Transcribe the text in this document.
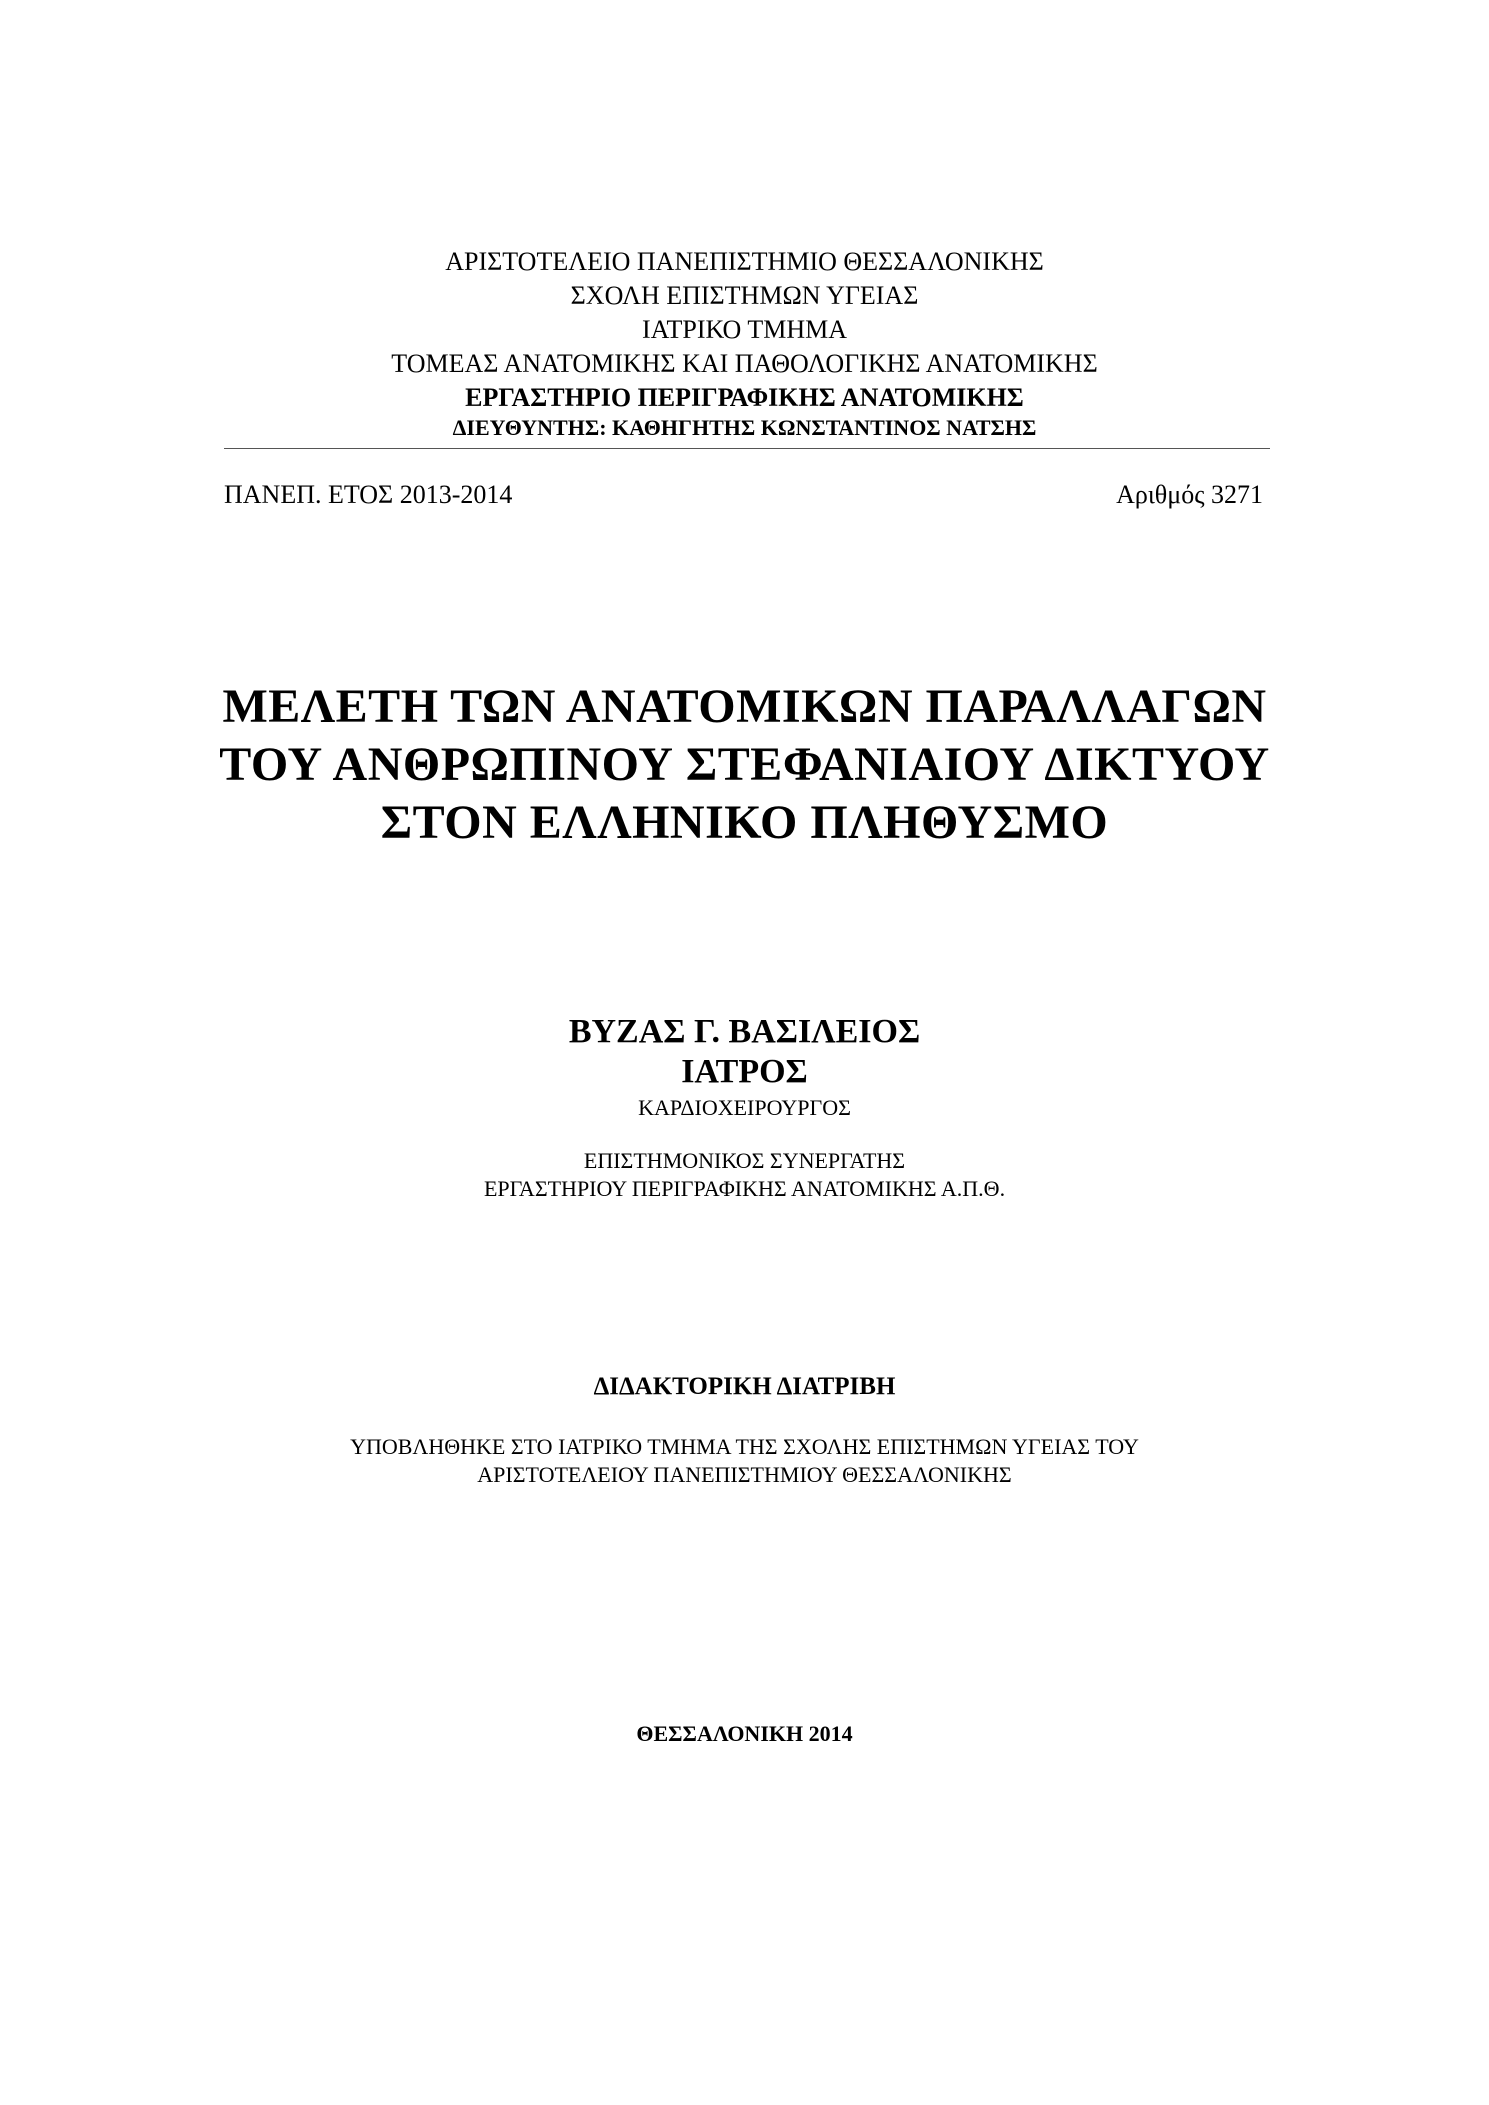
ΑΡΙΣΤΟΤΕΛΕΙΟ ΠΑΝΕΠΙΣΤΗΜΙΟ ΘΕΣΣΑΛΟΝΙΚΗΣ
ΣΧΟΛΗ ΕΠΙΣΤΗΜΩΝ ΥΓΕΙΑΣ
ΙΑΤΡΙΚΟ ΤΜΗΜΑ
ΤΟΜΕΑΣ ΑΝΑΤΟΜΙΚΗΣ ΚΑΙ ΠΑΘΟΛΟΓΙΚΗΣ ΑΝΑΤΟΜΙΚΗΣ
ΕΡΓΑΣΤΗΡΙΟ ΠΕΡΙΓΡΑΦΙΚΗΣ ΑΝΑΤΟΜΙΚΗΣ
ΔΙΕΥΘΥΝΤΗΣ: ΚΑΘΗΓΗΤΗΣ ΚΩΝΣΤΑΝΤΙΝΟΣ ΝΑΤΣΗΣ
ΠΑΝΕΠ. ΕΤΟΣ 2013-2014	Αριθμός 3271
ΜΕΛΕΤΗ ΤΩΝ ΑΝΑΤΟΜΙΚΩΝ ΠΑΡΑΛΛΑΓΩΝ
ΤΟΥ ΑΝΘΡΩΠΙΝΟΥ ΣΤΕΦΑΝΙΑΙΟΥ ΔΙΚΤΥΟΥ
ΣΤΟΝ ΕΛΛΗΝΙΚΟ ΠΛΗΘΥΣΜΟ
ΒΥΖΑΣ Γ. ΒΑΣΙΛΕΙΟΣ
ΙΑΤΡΟΣ
ΚΑΡΔΙΟΧΕΙΡΟΥΡΓΟΣ
ΕΠΙΣΤΗΜΟΝΙΚΟΣ ΣΥΝΕΡΓΑΤΗΣ
ΕΡΓΑΣΤΗΡΙΟΥ ΠΕΡΙΓΡΑΦΙΚΗΣ ΑΝΑΤΟΜΙΚΗΣ Α.Π.Θ.
ΔΙΔΑΚΤΟΡΙΚΗ ΔΙΑΤΡΙΒΗ
ΥΠΟΒΛΗΘΗΚΕ ΣΤΟ ΙΑΤΡΙΚΟ ΤΜΗΜΑ ΤΗΣ ΣΧΟΛΗΣ ΕΠΙΣΤΗΜΩΝ ΥΓΕΙΑΣ ΤΟΥ
ΑΡΙΣΤΟΤΕΛΕΙΟΥ ΠΑΝΕΠΙΣΤΗΜΙΟΥ ΘΕΣΣΑΛΟΝΙΚΗΣ
ΘΕΣΣΑΛΟΝΙΚΗ 2014
